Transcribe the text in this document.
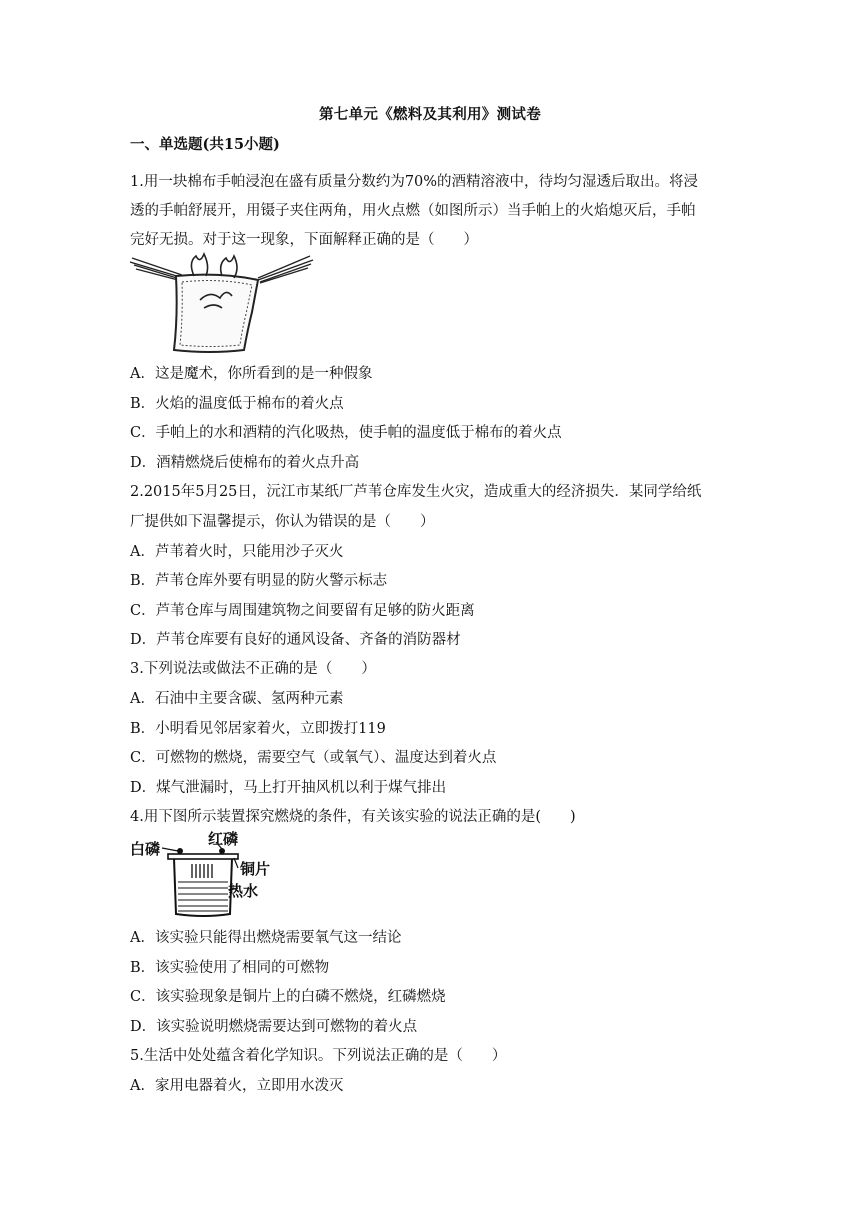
第七单元《燃料及其利用》测试卷
一、单选题(共15小题)
1.用一块棉布手帕浸泡在盛有质量分数约为70%的酒精溶液中，待均匀湿透后取出。将浸
透的手帕舒展开，用镊子夹住两角，用火点燃（如图所示）当手帕上的火焰熄灭后，手帕
完好无损。对于这一现象，下面解释正确的是（　　）
A．这是魔术，你所看到的是一种假象
B．火焰的温度低于棉布的着火点
C．手帕上的水和酒精的汽化吸热，使手帕的温度低于棉布的着火点
D．酒精燃烧后使棉布的着火点升高
2.2015年5月25日，沅江市某纸厂芦苇仓库发生火灾，造成重大的经济损失．某同学给纸
厂提供如下温馨提示，你认为错误的是（　　）
A．芦苇着火时，只能用沙子灭火
B．芦苇仓库外要有明显的防火警示标志
C．芦苇仓库与周围建筑物之间要留有足够的防火距离
D．芦苇仓库要有良好的通风设备、齐备的消防器材
3.下列说法或做法不正确的是（　　）
A．石油中主要含碳、氢两种元素
B．小明看见邻居家着火，立即拨打119
C．可燃物的燃烧，需要空气（或氧气）、温度达到着火点
D．煤气泄漏时，马上打开抽风机以利于煤气排出
4.用下图所示装置探究燃烧的条件，有关该实验的说法正确的是(　　)
白磷
红磷
铜片
热水
A．该实验只能得出燃烧需要氧气这一结论
B．该实验使用了相同的可燃物
C．该实验现象是铜片上的白磷不燃烧，红磷燃烧
D．该实验说明燃烧需要达到可燃物的着火点
5.生活中处处蕴含着化学知识。下列说法正确的是（　　）
A．家用电器着火，立即用水泼灭
